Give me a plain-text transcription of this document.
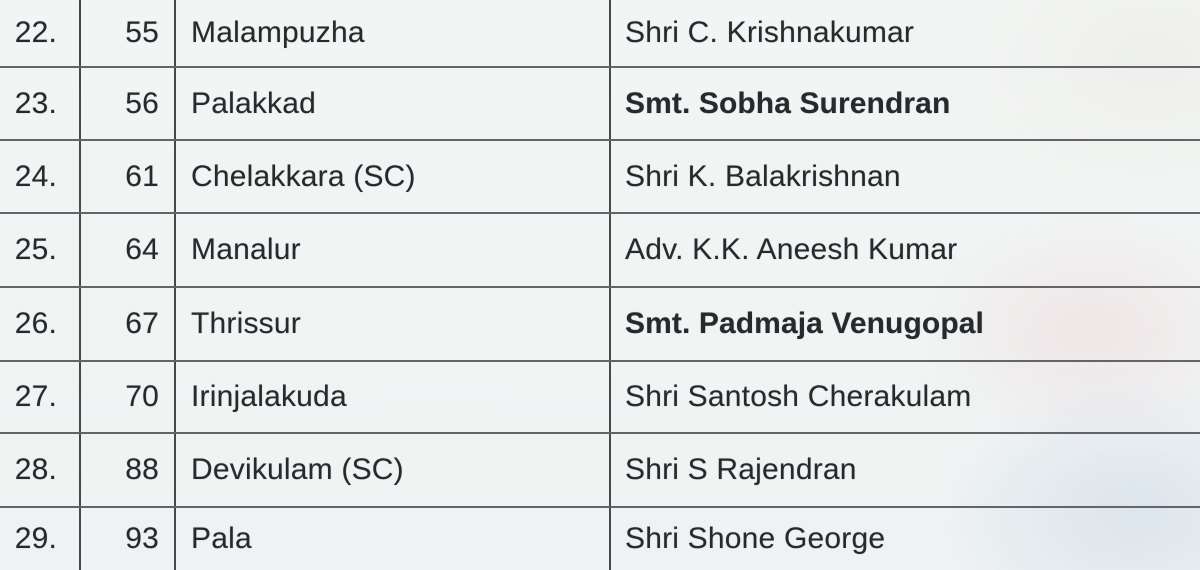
22.	55	Malampuzha	Shri C. Krishnakumar
23.	56	Palakkad	Smt. Sobha Surendran
24.	61	Chelakkara (SC)	Shri K. Balakrishnan
25.	64	Manalur	Adv. K.K. Aneesh Kumar
26.	67	Thrissur	Smt. Padmaja Venugopal
27.	70	Irinjalakuda	Shri Santosh Cherakulam
28.	88	Devikulam (SC)	Shri S Rajendran
29.	93	Pala	Shri Shone George
